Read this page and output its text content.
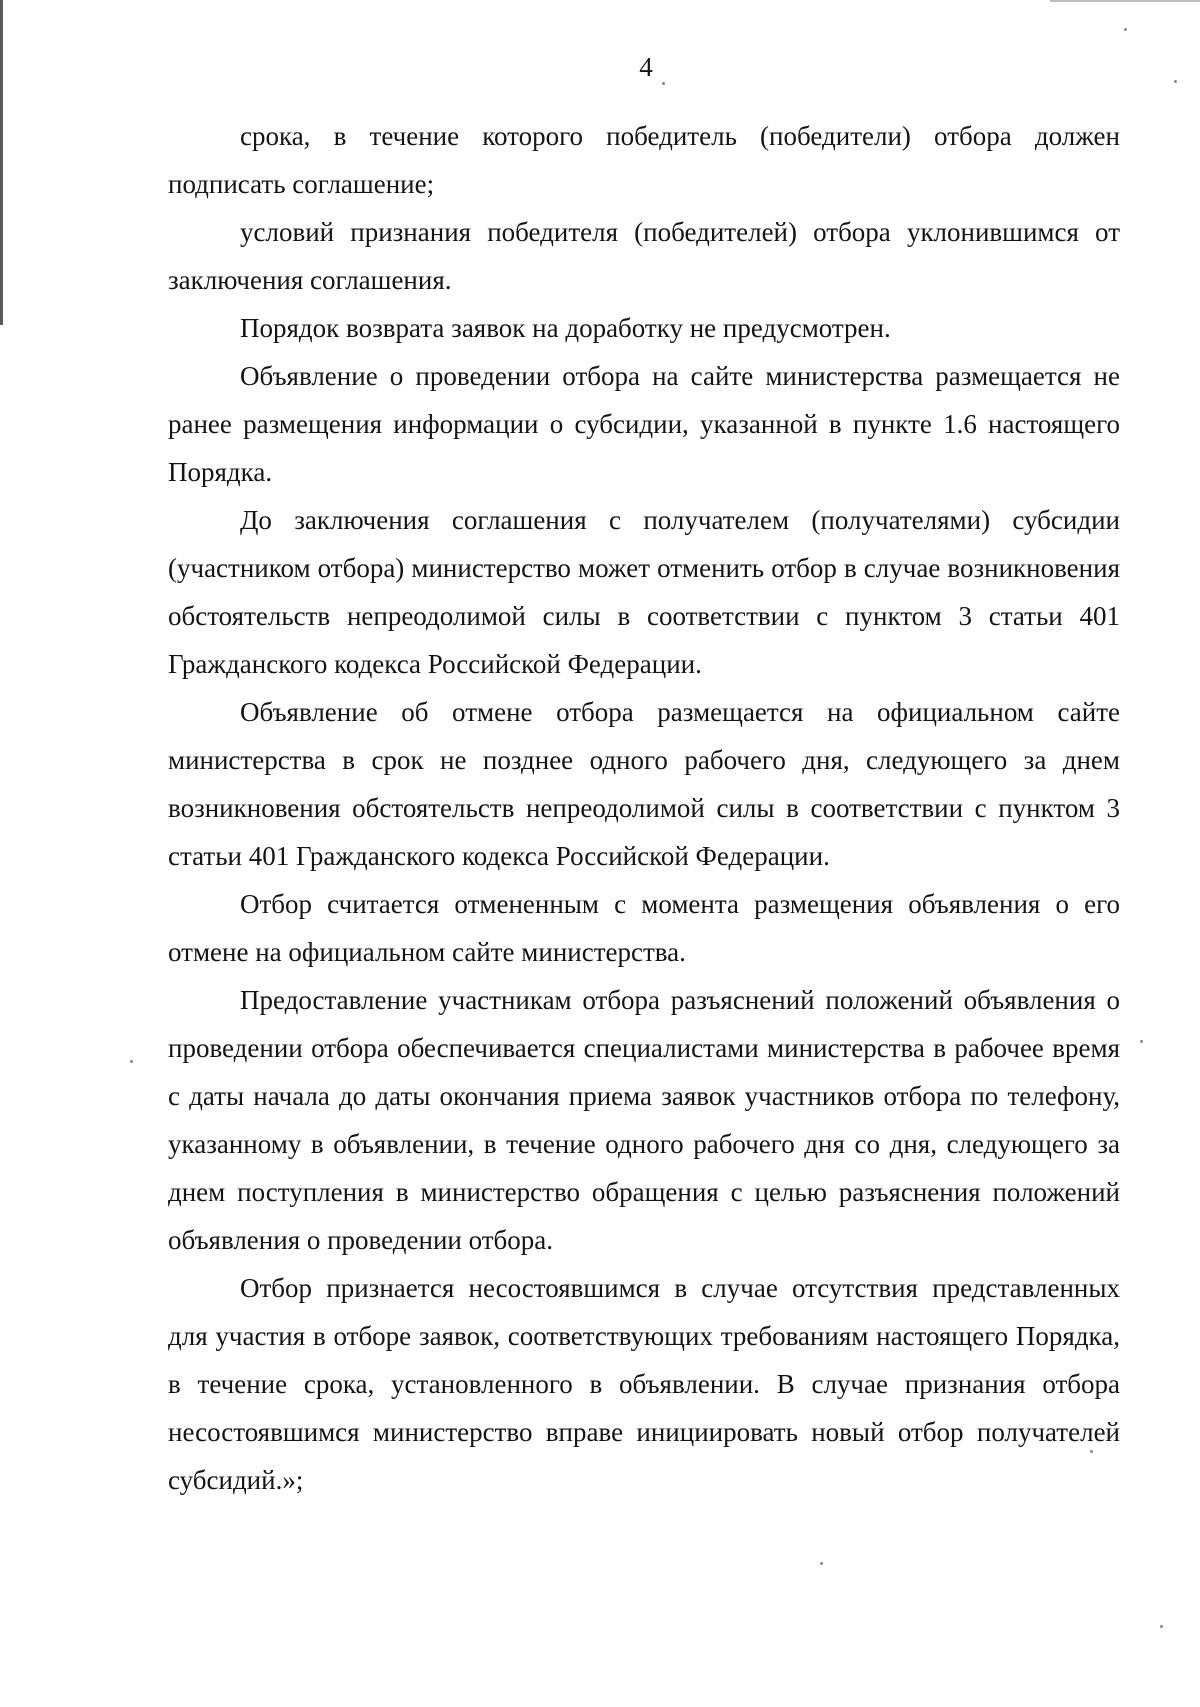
4

срока, в течение которого победитель (победители) отбора должен подписать соглашение;

условий признания победителя (победителей) отбора уклонившимся от заключения соглашения.

Порядок возврата заявок на доработку не предусмотрен.

Объявление о проведении отбора на сайте министерства размещается не ранее размещения информации о субсидии, указанной в пункте 1.6 настоящего Порядка.

До заключения соглашения с получателем (получателями) субсидии (участником отбора) министерство может отменить отбор в случае возникновения обстоятельств непреодолимой силы в соответствии с пунктом 3 статьи 401 Гражданского кодекса Российской Федерации.

Объявление об отмене отбора размещается на официальном сайте министерства в срок не позднее одного рабочего дня, следующего за днем возникновения обстоятельств непреодолимой силы в соответствии с пунктом 3 статьи 401 Гражданского кодекса Российской Федерации.

Отбор считается отмененным с момента размещения объявления о его отмене на официальном сайте министерства.

Предоставление участникам отбора разъяснений положений объявления о проведении отбора обеспечивается специалистами министерства в рабочее время с даты начала до даты окончания приема заявок участников отбора по телефону, указанному в объявлении, в течение одного рабочего дня со дня, следующего за днем поступления в министерство обращения с целью разъяснения положений объявления о проведении отбора.

Отбор признается несостоявшимся в случае отсутствия представленных для участия в отборе заявок, соответствующих требованиям настоящего Порядка, в течение срока, установленного в объявлении. В случае признания отбора несостоявшимся министерство вправе инициировать новый отбор получателей субсидий.»;
